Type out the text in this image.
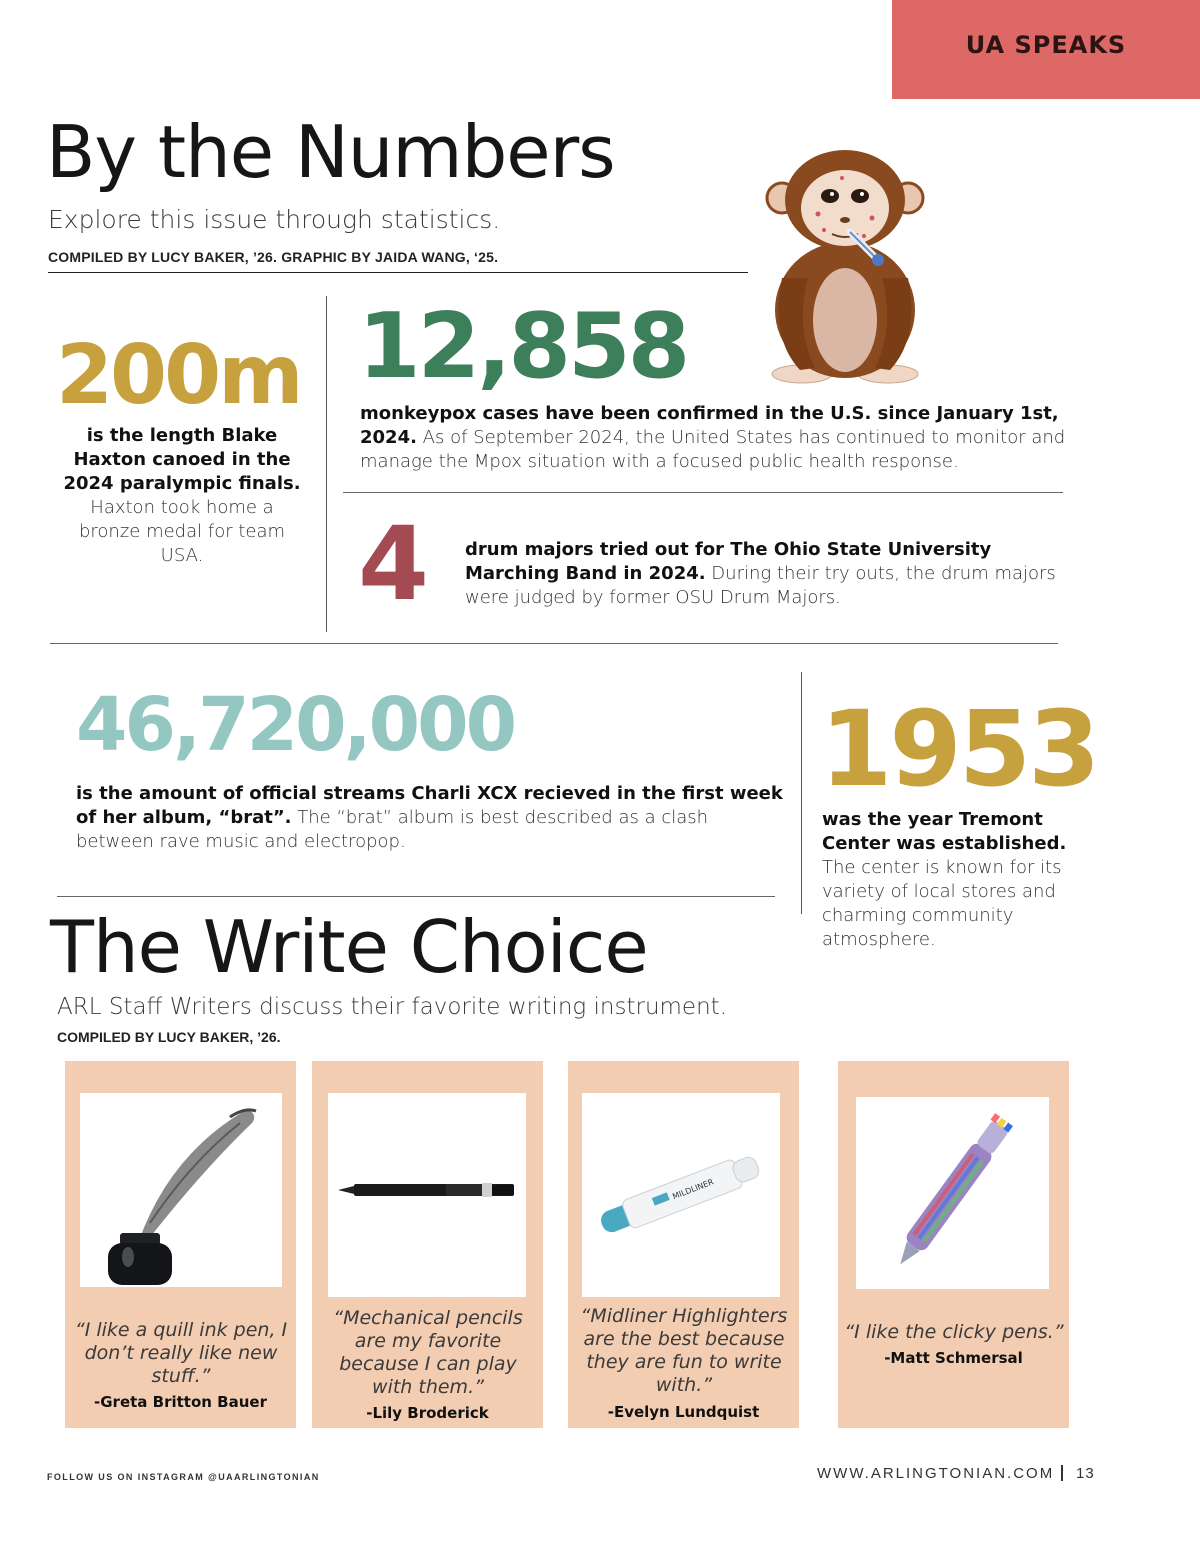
UA SPEAKS
By the Numbers
Explore this issue through statistics.
COMPILED BY LUCY BAKER, ’26. GRAPHIC BY JAIDA WANG, ‘25.
200m
is the length Blake Haxton canoed in the 2024 paralympic finals. Haxton took home a bronze medal for team USA.
12,858
monkeypox cases have been confirmed in the U.S. since January 1st, 2024. As of September 2024, the United States has continued to monitor and manage the Mpox situation with a focused public health response.
4 drum majors tried out for The Ohio State University Marching Band in 2024. During their try outs, the drum majors were judged by former OSU Drum Majors.
46,720,000
is the amount of official streams Charli XCX recieved in the first week of her album, “brat”. The “brat” album is best described as a clash between rave music and electropop.
1953
was the year Tremont Center was established. The center is known for its variety of local stores and charming community atmosphere.
The Write Choice
ARL Staff Writers discuss their favorite writing instrument.
COMPILED BY LUCY BAKER, ’26.
“I like a quill ink pen, I don’t really like new stuff.”
-Greta Britton Bauer
“Mechanical pencils are my favorite because I can play with them.”
-Lily Broderick
MILDLINER
“Midliner Highlighters are the best because they are fun to write with.”
-Evelyn Lundquist
“I like the clicky pens.”
-Matt Schmersal
FOLLOW US ON INSTAGRAM @UAARLINGTONIAN	WWW.ARLINGTONIAN.COM 13
